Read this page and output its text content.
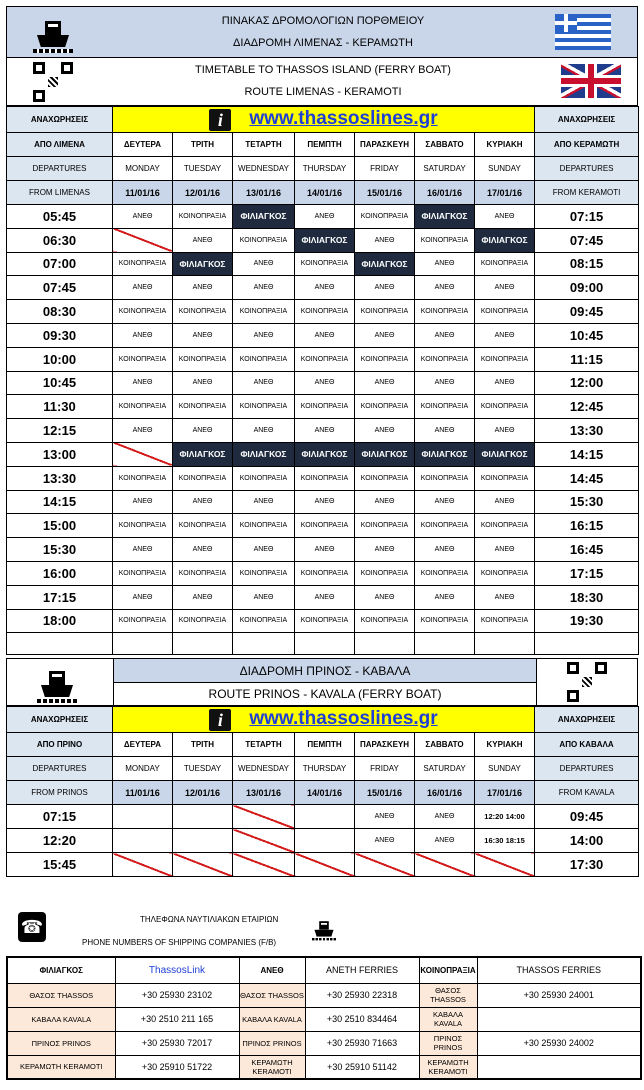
ΠΙΝΑΚΑΣ ΔΡΟΜΟΛΟΓΙΩΝ ΠΟΡΘΜΕΙΟΥ
ΔΙΑΔΡΟΜΗ ΛΙΜΕΝΑΣ - ΚΕΡΑΜΩΤΗ
TIMETABLE TO THASSOS ISLAND (FERRY BOAT)
ROUTE LIMENAS - KERAMOTI
ΑΝΑΧΩΡΗΣΕΙΣ	i www.thassoslines.gr							ΑΝΑΧΩΡΗΣΕΙΣ
ΑΠΟ ΛΙΜΕΝΑ	ΔΕΥΤΕΡΑ	ΤΡΙΤΗ	ΤΕΤΑΡΤΗ	ΠΕΜΠΤΗ	ΠΑΡΑΣΚΕΥΗ	ΣΑΒΒΑΤΟ	ΚΥΡΙΑΚΗ	ΑΠΟ ΚΕΡΑΜΩΤΗ
DEPARTURES	MONDAY	TUESDAY	WEDNESDAY	THURSDAY	FRIDAY	SATURDAY	SUNDAY	DEPARTURES
FROM LIMENAS	11/01/16	12/01/16	13/01/16	14/01/16	15/01/16	16/01/16	17/01/16	FROM KERAMOTI
05:45	ΑΝΕΘ	ΚΟΙΝΟΠΡΑΞΙΑ	ΦΙΛΙΑΓΚΟΣ	ΑΝΕΘ	ΚΟΙΝΟΠΡΑΞΙΑ	ΦΙΛΙΑΓΚΟΣ	ΑΝΕΘ	07:15
06:30		ΑΝΕΘ	ΚΟΙΝΟΠΡΑΞΙΑ	ΦΙΛΙΑΓΚΟΣ	ΑΝΕΘ	ΚΟΙΝΟΠΡΑΞΙΑ	ΦΙΛΙΑΓΚΟΣ	07:45
07:00	ΚΟΙΝΟΠΡΑΞΙΑ	ΦΙΛΙΑΓΚΟΣ	ΑΝΕΘ	ΚΟΙΝΟΠΡΑΞΙΑ	ΦΙΛΙΑΓΚΟΣ	ΑΝΕΘ	ΚΟΙΝΟΠΡΑΞΙΑ	08:15
07:45	ΑΝΕΘ	ΑΝΕΘ	ΑΝΕΘ	ΑΝΕΘ	ΑΝΕΘ	ΑΝΕΘ	ΑΝΕΘ	09:00
08:30	ΚΟΙΝΟΠΡΑΞΙΑ	ΚΟΙΝΟΠΡΑΞΙΑ	ΚΟΙΝΟΠΡΑΞΙΑ	ΚΟΙΝΟΠΡΑΞΙΑ	ΚΟΙΝΟΠΡΑΞΙΑ	ΚΟΙΝΟΠΡΑΞΙΑ	ΚΟΙΝΟΠΡΑΞΙΑ	09:45
09:30	ΑΝΕΘ	ΑΝΕΘ	ΑΝΕΘ	ΑΝΕΘ	ΑΝΕΘ	ΑΝΕΘ	ΑΝΕΘ	10:45
10:00	ΚΟΙΝΟΠΡΑΞΙΑ	ΚΟΙΝΟΠΡΑΞΙΑ	ΚΟΙΝΟΠΡΑΞΙΑ	ΚΟΙΝΟΠΡΑΞΙΑ	ΚΟΙΝΟΠΡΑΞΙΑ	ΚΟΙΝΟΠΡΑΞΙΑ	ΚΟΙΝΟΠΡΑΞΙΑ	11:15
10:45	ΑΝΕΘ	ΑΝΕΘ	ΑΝΕΘ	ΑΝΕΘ	ΑΝΕΘ	ΑΝΕΘ	ΑΝΕΘ	12:00
11:30	ΚΟΙΝΟΠΡΑΞΙΑ	ΚΟΙΝΟΠΡΑΞΙΑ	ΚΟΙΝΟΠΡΑΞΙΑ	ΚΟΙΝΟΠΡΑΞΙΑ	ΚΟΙΝΟΠΡΑΞΙΑ	ΚΟΙΝΟΠΡΑΞΙΑ	ΚΟΙΝΟΠΡΑΞΙΑ	12:45
12:15	ΑΝΕΘ	ΑΝΕΘ	ΑΝΕΘ	ΑΝΕΘ	ΑΝΕΘ	ΑΝΕΘ	ΑΝΕΘ	13:30
13:00		ΦΙΛΙΑΓΚΟΣ	ΦΙΛΙΑΓΚΟΣ	ΦΙΛΙΑΓΚΟΣ	ΦΙΛΙΑΓΚΟΣ	ΦΙΛΙΑΓΚΟΣ	ΦΙΛΙΑΓΚΟΣ	14:15
13:30	ΚΟΙΝΟΠΡΑΞΙΑ	ΚΟΙΝΟΠΡΑΞΙΑ	ΚΟΙΝΟΠΡΑΞΙΑ	ΚΟΙΝΟΠΡΑΞΙΑ	ΚΟΙΝΟΠΡΑΞΙΑ	ΚΟΙΝΟΠΡΑΞΙΑ	ΚΟΙΝΟΠΡΑΞΙΑ	14:45
14:15	ΑΝΕΘ	ΑΝΕΘ	ΑΝΕΘ	ΑΝΕΘ	ΑΝΕΘ	ΑΝΕΘ	ΑΝΕΘ	15:30
15:00	ΚΟΙΝΟΠΡΑΞΙΑ	ΚΟΙΝΟΠΡΑΞΙΑ	ΚΟΙΝΟΠΡΑΞΙΑ	ΚΟΙΝΟΠΡΑΞΙΑ	ΚΟΙΝΟΠΡΑΞΙΑ	ΚΟΙΝΟΠΡΑΞΙΑ	ΚΟΙΝΟΠΡΑΞΙΑ	16:15
15:30	ΑΝΕΘ	ΑΝΕΘ	ΑΝΕΘ	ΑΝΕΘ	ΑΝΕΘ	ΑΝΕΘ	ΑΝΕΘ	16:45
16:00	ΚΟΙΝΟΠΡΑΞΙΑ	ΚΟΙΝΟΠΡΑΞΙΑ	ΚΟΙΝΟΠΡΑΞΙΑ	ΚΟΙΝΟΠΡΑΞΙΑ	ΚΟΙΝΟΠΡΑΞΙΑ	ΚΟΙΝΟΠΡΑΞΙΑ	ΚΟΙΝΟΠΡΑΞΙΑ	17:15
17:15	ΑΝΕΘ	ΑΝΕΘ	ΑΝΕΘ	ΑΝΕΘ	ΑΝΕΘ	ΑΝΕΘ	ΑΝΕΘ	18:30
18:00	ΚΟΙΝΟΠΡΑΞΙΑ	ΚΟΙΝΟΠΡΑΞΙΑ	ΚΟΙΝΟΠΡΑΞΙΑ	ΚΟΙΝΟΠΡΑΞΙΑ	ΚΟΙΝΟΠΡΑΞΙΑ	ΚΟΙΝΟΠΡΑΞΙΑ	ΚΟΙΝΟΠΡΑΞΙΑ	19:30

ΔΙΑΔΡΟΜΗ ΠΡΙΝΟΣ - ΚΑΒΑΛΑ
ROUTE PRINOS - KAVALA (FERRY BOAT)
ΑΝΑΧΩΡΗΣΕΙΣ	i www.thassoslines.gr							ΑΝΑΧΩΡΗΣΕΙΣ
ΑΠΟ ΠΡΙΝΟ	ΔΕΥΤΕΡΑ	ΤΡΙΤΗ	ΤΕΤΑΡΤΗ	ΠΕΜΠΤΗ	ΠΑΡΑΣΚΕΥΗ	ΣΑΒΒΑΤΟ	ΚΥΡΙΑΚΗ	ΑΠΟ ΚΑΒΑΛΑ
DEPARTURES	MONDAY	TUESDAY	WEDNESDAY	THURSDAY	FRIDAY	SATURDAY	SUNDAY	DEPARTURES
FROM PRINOS	11/01/16	12/01/16	13/01/16	14/01/16	15/01/16	16/01/16	17/01/16	FROM KAVALA
07:15					ΑΝΕΘ	ΑΝΕΘ	12:20 14:00	09:45
12:20					ΑΝΕΘ	ΑΝΕΘ	16:30 18:15	14:00
15:45								17:30
☎	ΤΗΛΕΦΩΝΑ ΝΑΥΤΙΛΙΑΚΩΝ ΕΤΑΙΡΙΩΝ
PHONE NUMBERS OF SHIPPING COMPANIES (F/B)
ΦΙΛΙΑΓΚΟΣ	ThassosLink	ΑΝΕΘ	ANETH FERRIES	ΚΟΙΝΟΠΡΑΞΙΑ	THASSOS FERRIES
ΘΑΣΟΣ THASSOS	+30 25930 23102	ΘΑΣΟΣ THASSOS	+30 25930 22318	ΘΑΣΟΣ THASSOS	+30 25930 24001
ΚΑΒΑΛΑ KAVALA	+30 2510 211 165	ΚΑΒΑΛΑ KAVALA	+30 2510 834464	ΚΑΒΑΛΑ KAVALA	
ΠΡΙΝΟΣ PRINOS	+30 25930 72017	ΠΡΙΝΟΣ PRINOS	+30 25930 71663	ΠΡΙΝΟΣ PRINOS	+30 25930 24002
ΚΕΡΑΜΩΤΗ KERAMOTI	+30 25910 51722	ΚΕΡΑΜΩΤΗ KERAMOTI	+30 25910 51142	ΚΕΡΑΜΩΤΗ KERAMOTI	
